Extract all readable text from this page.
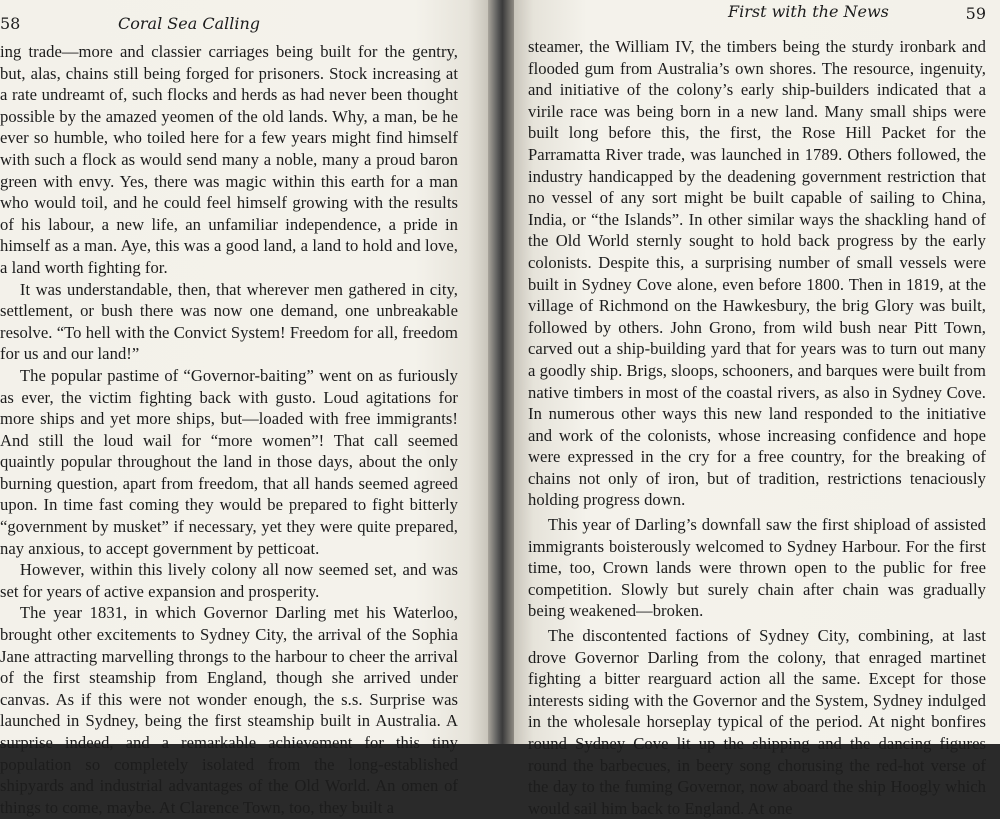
58	Coral Sea Calling

ing trade—more and classier carriages being built for the gentry, but, alas, chains still being forged for prisoners. Stock increasing at a rate undreamt of, such flocks and herds as had never been thought possible by the amazed yeomen of the old lands. Why, a man, be he ever so humble, who toiled here for a few years might find himself with such a flock as would send many a noble, many a proud baron green with envy. Yes, there was magic within this earth for a man who would toil, and he could feel himself growing with the results of his labour, a new life, an unfamiliar independence, a pride in himself as a man. Aye, this was a good land, a land to hold and love, a land worth fighting for.

It was understandable, then, that wherever men gathered in city, settlement, or bush there was now one demand, one unbreakable resolve. “To hell with the Convict System! Freedom for all, freedom for us and our land!”

The popular pastime of “Governor-baiting” went on as furiously as ever, the victim fighting back with gusto. Loud agitations for more ships and yet more ships, but—loaded with free immigrants! And still the loud wail for “more women”! That call seemed quaintly popular throughout the land in those days, about the only burning question, apart from freedom, that all hands seemed agreed upon. In time fast coming they would be prepared to fight bitterly “government by musket” if necessary, yet they were quite prepared, nay anxious, to accept government by petticoat.

However, within this lively colony all now seemed set, and was set for years of active expansion and prosperity.

The year 1831, in which Governor Darling met his Waterloo, brought other excitements to Sydney City, the arrival of the Sophia Jane attracting marvelling throngs to the harbour to cheer the arrival of the first steamship from England, though she arrived under canvas. As if this were not wonder enough, the s.s. Surprise was launched in Sydney, being the first steamship built in Australia. A surprise indeed, and a remarkable achievement for this tiny population so completely isolated from the long-established shipyards and industrial advantages of the Old World. An omen of things to come, maybe. At Clarence Town, too, they built a

First with the News	59

steamer, the William IV, the timbers being the sturdy ironbark and flooded gum from Australia’s own shores. The resource, ingenuity, and initiative of the colony’s early ship-builders indicated that a virile race was being born in a new land. Many small ships were built long before this, the first, the Rose Hill Packet for the Parramatta River trade, was launched in 1789. Others followed, the industry handicapped by the deadening government restriction that no vessel of any sort might be built capable of sailing to China, India, or “the Islands”. In other similar ways the shackling hand of the Old World sternly sought to hold back progress by the early colonists. Despite this, a surprising number of small vessels were built in Sydney Cove alone, even before 1800. Then in 1819, at the village of Richmond on the Hawkesbury, the brig Glory was built, followed by others. John Grono, from wild bush near Pitt Town, carved out a ship-building yard that for years was to turn out many a goodly ship. Brigs, sloops, schooners, and barques were built from native timbers in most of the coastal rivers, as also in Sydney Cove. In numerous other ways this new land responded to the initiative and work of the colonists, whose increasing confidence and hope were expressed in the cry for a free country, for the breaking of chains not only of iron, but of tradition, restrictions tenaciously holding progress down.

This year of Darling’s downfall saw the first shipload of assisted immigrants boisterously welcomed to Sydney Harbour. For the first time, too, Crown lands were thrown open to the public for free competition. Slowly but surely chain after chain was gradually being weakened—broken.

The discontented factions of Sydney City, combining, at last drove Governor Darling from the colony, that enraged martinet fighting a bitter rearguard action all the same. Except for those interests siding with the Governor and the System, Sydney indulged in the wholesale horseplay typical of the period. At night bonfires round Sydney Cove lit up the shipping and the dancing figures round the barbecues, in beery song chorusing the red-hot verse of the day to the fuming Governor, now aboard the ship Hoogly which would sail him back to England. At one
